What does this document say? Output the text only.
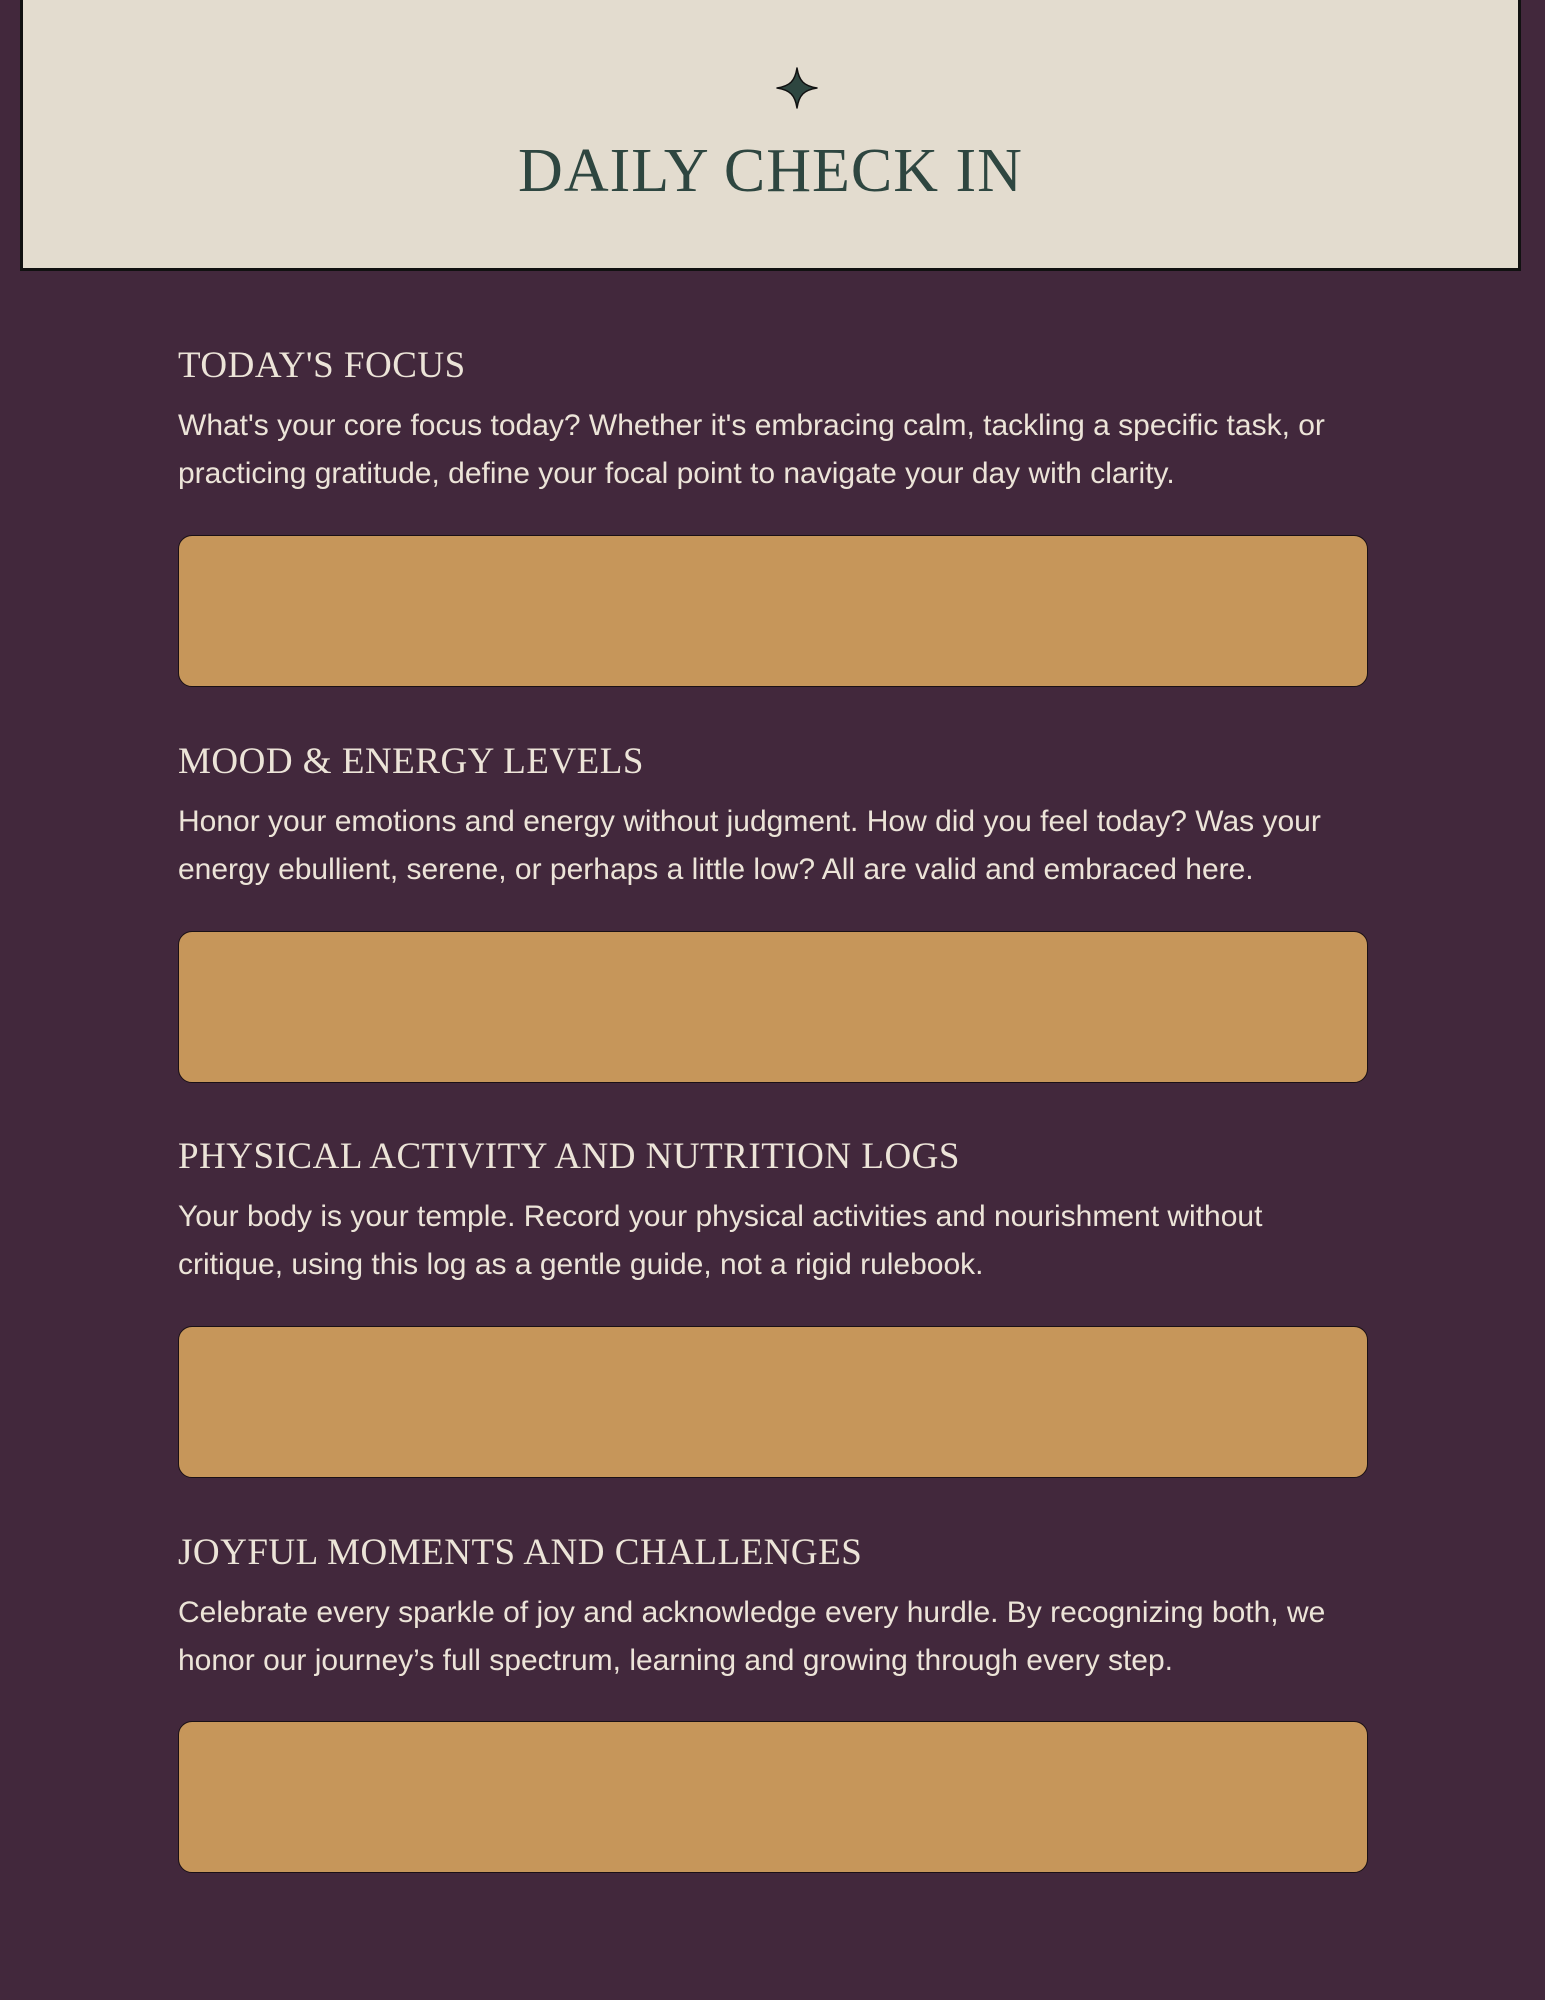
DAILY CHECK IN
TODAY'S FOCUS

What's your core focus today? Whether it's embracing calm, tackling a specific task, or practicing gratitude, define your focal point to navigate your day with clarity.

MOOD & ENERGY LEVELS

Honor your emotions and energy without judgment. How did you feel today? Was your energy ebullient, serene, or perhaps a little low? All are valid and embraced here.

PHYSICAL ACTIVITY AND NUTRITION LOGS

Your body is your temple. Record your physical activities and nourishment without critique, using this log as a gentle guide, not a rigid rulebook.

JOYFUL MOMENTS AND CHALLENGES

Celebrate every sparkle of joy and acknowledge every hurdle. By recognizing both, we honor our journey’s full spectrum, learning and growing through every step.
